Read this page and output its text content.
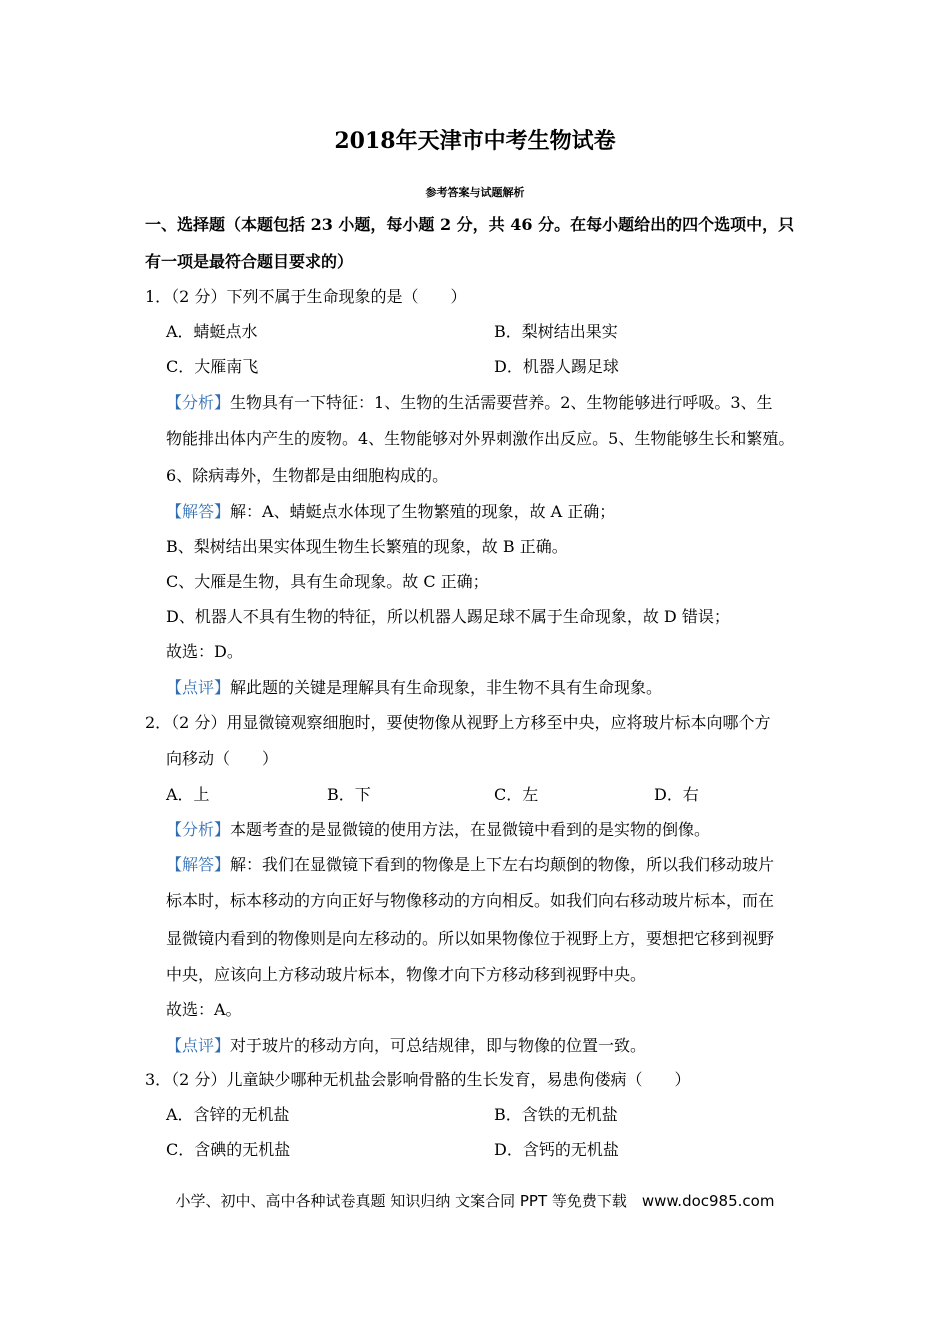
2018年天津市中考生物试卷
参考答案与试题解析
一、选择题（本题包括 23 小题，每小题 2 分，共 46 分。在每小题给出的四个选项中，只
有一项是最符合题目要求的）
1．（2 分）下列不属于生命现象的是（　　）
A．蜻蜓点水	B．梨树结出果实
C．大雁南飞	D．机器人踢足球
【分析】生物具有一下特征：1、生物的生活需要营养。2、生物能够进行呼吸。3、生
物能排出体内产生的废物。4、生物能够对外界刺激作出反应。5、生物能够生长和繁殖。
6、除病毒外，生物都是由细胞构成的。
【解答】解：A、蜻蜓点水体现了生物繁殖的现象，故 A 正确；
B、梨树结出果实体现生物生长繁殖的现象，故 B 正确。
C、大雁是生物，具有生命现象。故 C 正确；
D、机器人不具有生物的特征，所以机器人踢足球不属于生命现象，故 D 错误；
故选：D。
【点评】解此题的关键是理解具有生命现象，非生物不具有生命现象。
2．（2 分）用显微镜观察细胞时，要使物像从视野上方移至中央，应将玻片标本向哪个方
向移动（　　）
A．上	B．下	C．左	D．右
【分析】本题考查的是显微镜的使用方法，在显微镜中看到的是实物的倒像。
【解答】解：我们在显微镜下看到的物像是上下左右均颠倒的物像，所以我们移动玻片
标本时，标本移动的方向正好与物像移动的方向相反。如我们向右移动玻片标本，而在
显微镜内看到的物像则是向左移动的。所以如果物像位于视野上方，要想把它移到视野
中央，应该向上方移动玻片标本，物像才向下方移动移到视野中央。
故选：A。
【点评】对于玻片的移动方向，可总结规律，即与物像的位置一致。
3．（2 分）儿童缺少哪种无机盐会影响骨骼的生长发育，易患佝偻病（　　）
A．含锌的无机盐	B．含铁的无机盐
C．含碘的无机盐	D．含钙的无机盐
小学、初中、高中各种试卷真题 知识归纳 文案合同 PPT 等免费下载　www.doc985.com
